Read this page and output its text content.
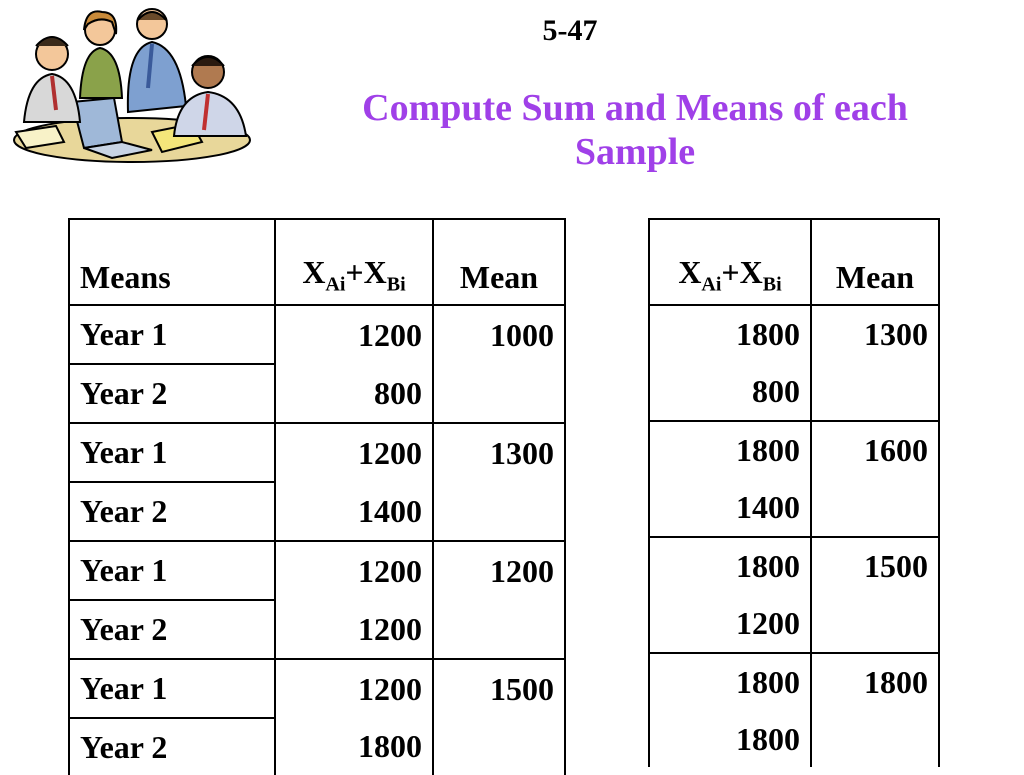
5-47
Compute Sum and Means of each Sample
Means	$X_{Ai}+X_{Bi}$	Mean
Year 1	1200	1000
Year 2	800	
Year 1	1200	1300
Year 2	1400	
Year 1	1200	1200
Year 2	1200	
Year 1	1200	1500
Year 2	1800	
$X_{Ai}+X_{Bi}$	Mean
1800	1300
800	
1800	1600
1400	
1800	1500
1200	
1800	1800
1800	
